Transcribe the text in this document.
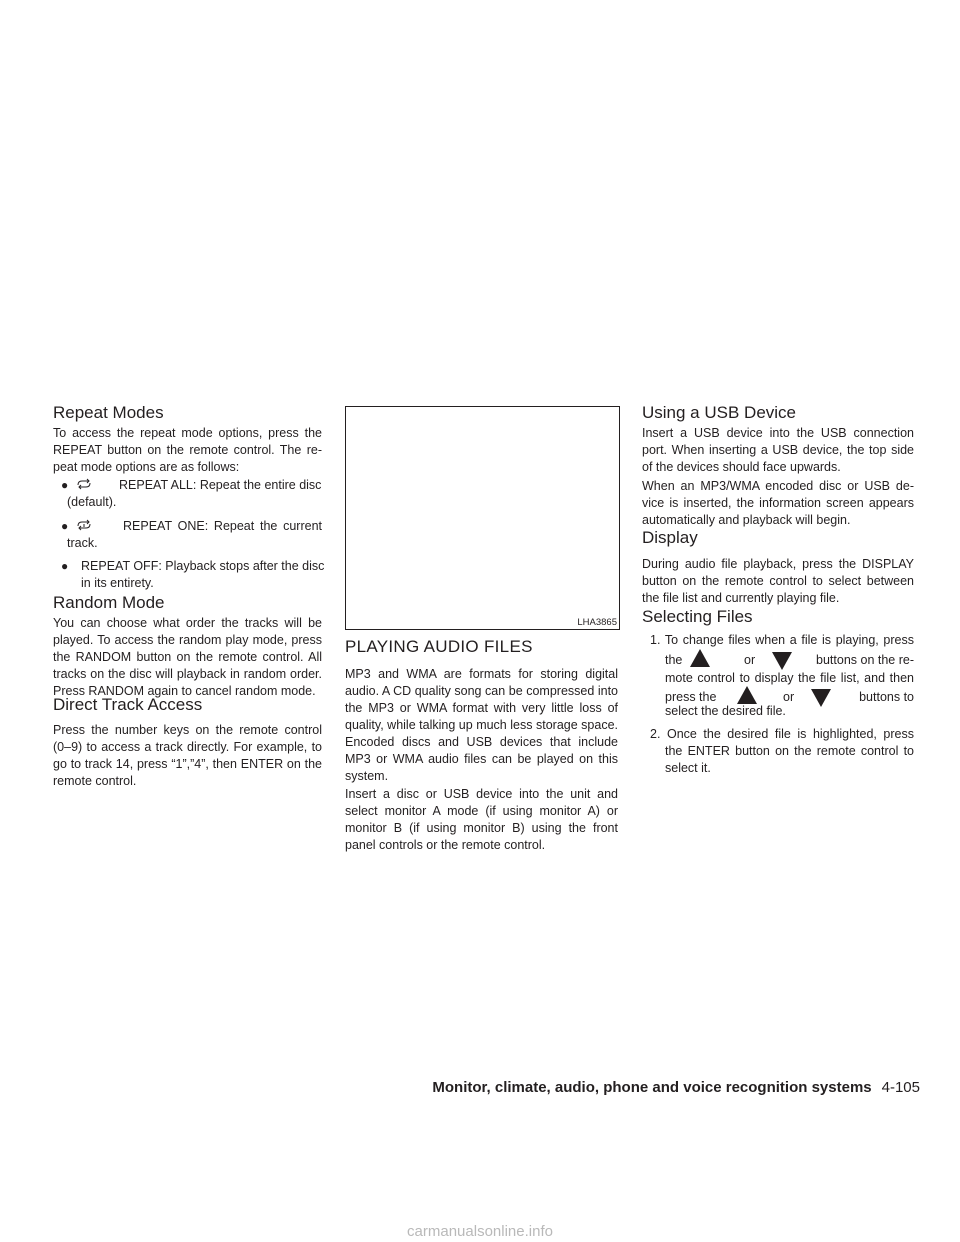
Repeat Modes
To access the repeat mode options, press the
REPEAT button on the remote control. The re-
peat mode options are as follows:
●	REPEAT ALL: Repeat the entire disc
(default).
●	REPEAT ONE: Repeat the current
track.
● REPEAT OFF: Playback stops after the disc
in its entirety.
Random Mode
You can choose what order the tracks will be
played. To access the random play mode, press
the RANDOM button on the remote control. All
tracks on the disc will playback in random order.
Press RANDOM again to cancel random mode.
Direct Track Access
Press the number keys on the remote control
(0–9) to access a track directly. For example, to
go to track 14, press “1”,”4”, then ENTER on the
remote control.
LHA3865
PLAYING AUDIO FILES
MP3 and WMA are formats for storing digital
audio. A CD quality song can be compressed into
the MP3 or WMA format with very little loss of
quality, while talking up much less storage space.
Encoded discs and USB devices that include
MP3 or WMA audio files can be played on this
system.
Insert a disc or USB device into the unit and
select monitor A mode (if using monitor A) or
monitor B (if using monitor B) using the front
panel controls or the remote control.
Using a USB Device
Insert a USB device into the USB connection
port. When inserting a USB device, the top side
of the devices should face upwards.
When an MP3/WMA encoded disc or USB de-
vice is inserted, the information screen appears
automatically and playback will begin.
Display
During audio file playback, press the DISPLAY
button on the remote control to select between
the file list and currently playing file.
Selecting Files
1. To change files when a file is playing, press
the	or	buttons on the re-
mote control to display the file list, and then
press the	or	buttons to
select the desired file.
2. Once the desired file is highlighted, press
the ENTER button on the remote control to
select it.
Monitor, climate, audio, phone and voice recognition systems 4-105
carmanualsonline.info
